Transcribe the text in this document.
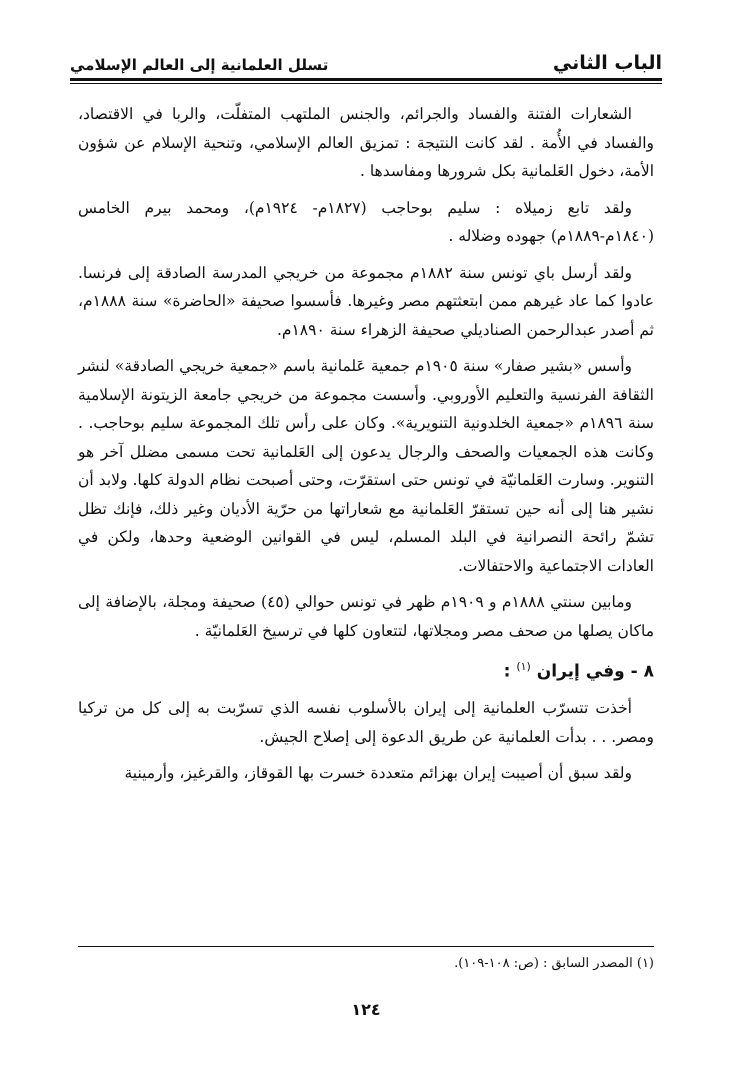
الباب الثاني
تسلل العلمانية إلى العالم الإسلامي

الشعارات الفتنة والفساد والجرائم، والجنس الملتهب المتفلّت، والربا في الاقتصاد، والفساد في الأُمة . لقد كانت النتيجة : تمزيق العالم الإسلامي، وتنحية الإسلام عن شؤون الأمة، دخول العَلمانية بكل شرورها ومفاسدها .

ولقد تابع زميلاه : سليم بوحاجب (١٨٢٧م- ١٩٢٤م)، ومحمد بيرم الخامس (١٨٤٠م-١٨٨٩م) جهوده وضلاله .

ولقد أرسل باي تونس سنة ١٨٨٢م مجموعة من خريجي المدرسة الصادقة إلى فرنسا. عادوا كما عاد غيرهم ممن ابتعثتهم مصر وغيرها. فأسسوا صحيفة «الحاضرة» سنة ١٨٨٨م، ثم أصدر عبدالرحمن الصناديلي صحيفة الزهراء سنة ١٨٩٠م.

وأسس «بشير صفار» سنة ١٩٠٥م جمعية عَلمانية باسم «جمعية خريجي الصادقة» لنشر الثقافة الفرنسية والتعليم الأوروبي. وأسست مجموعة من خريجي جامعة الزيتونة الإسلامية سنة ١٨٩٦م «جمعية الخلدونية التنويرية». وكان على رأس تلك المجموعة سليم بوحاجب. . وكانت هذه الجمعيات والصحف والرجال يدعون إلى العَلمانية تحت مسمى مضلل آخر هو التنوير. وسارت العَلمانيّة في تونس حتى استقرّت، وحتى أصبحت نظام الدولة كلها. ولابد أن نشير هنا إلى أنه حين تستقرّ العَلمانية مع شعاراتها من حرّية الأديان وغير ذلك، فإنك تظل تشمّ رائحة النصرانية في البلد المسلم، ليس في القوانين الوضعية وحدها، ولكن في العادات الاجتماعية والاحتفالات.

ومابين سنتي ١٨٨٨م و ١٩٠٩م ظهر في تونس حوالي (٤٥) صحيفة ومجلة، بالإضافة إلى ماكان يصلها من صحف مصر ومجلاتها، لتتعاون كلها في ترسيخ العَلمانيّة .

٨ - وفي إيران $^{(١)}$ :

أخذت تتسرّب العلمانية إلى إيران بالأسلوب نفسه الذي تسرّبت به إلى كل من تركيا ومصر. . . بدأت العلمانية عن طريق الدعوة إلى إصلاح الجيش.

ولقد سبق أن أصيبت إيران بهزائم متعددة خسرت بها القوقاز، والقرغيز، وأرمينية

(١) المصدر السابق : (ص: ١٠٨-١٠٩).
١٢٤
